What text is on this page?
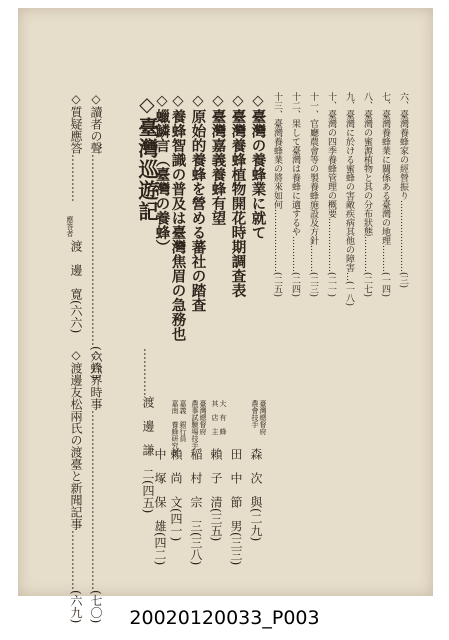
六、臺灣養蜂家の經營振り……………………(三)
七、臺灣養蜂業に關係ある臺灣の地理………(一四)
八、臺灣の蜜源植物と其の分布狀態…………(二七)
九、臺灣に於ける蜜蜂の害敵疾病其他の障害…(一八)
十、臺灣の四季養蜂管理の概要………………(二一)
十一、官廳農會等の製養蜂施設及方針………(二三)
十二、果して臺灣は養蜂に適するや…………(二四)
十三、臺灣養蜂業の將來如何…………………(二五)
◇臺灣の養蜂業に就て
臺灣總督府
農會技手
森　次　與(二九)
◇臺灣養蜂植物開花時期調査表
田　中　節　男(三三)
◇臺灣嘉義養蜂有望
大　有　蜂
其　店　主
賴　子　清(三五)
◇原始的養蜂を營める蕃社の踏査
臺灣總督府
農事試驗場技手
稲　村　宗　三(三八)
◇養蜂智識の普及は臺灣焦眉の急務也
嘉義　銀行員
嘉南　養蜂研究者
賴　尚　文(四一)
◇蠟鱗言（臺灣の養蜂）
中　塚　保　雄(四二)
◇臺灣巡遊記
…………渡　邊　謙　二(四五)
◇讀者の聲…………………………………………(六六)
◇質疑應答…………
應答者
渡　邊　寛(六六)
◇蜂界時事………………………………………(七〇)
◇渡邊友松兩氏の渡臺と新聞記事……………(六九)	20020120033_P003
